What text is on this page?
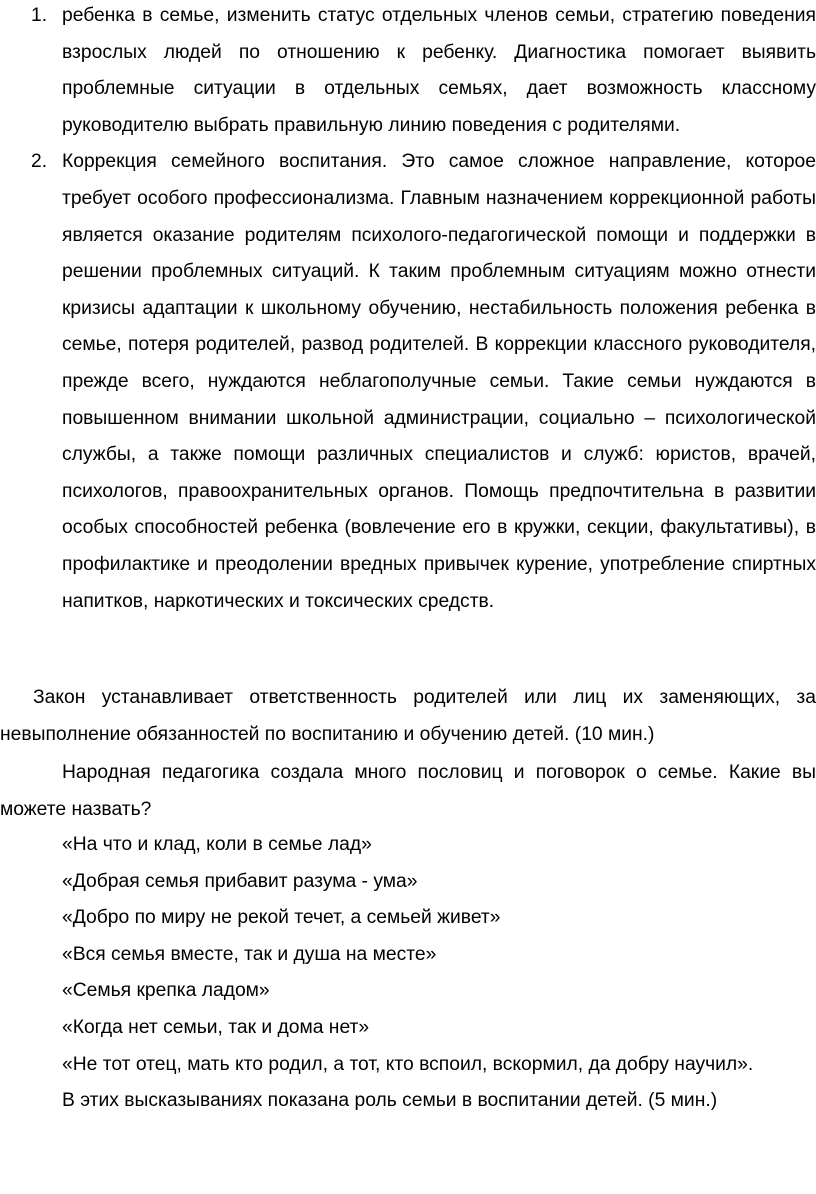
1. ребенка в семье, изменить статус отдельных членов семьи, стратегию поведения взрослых людей по отношению к ребенку. Диагностика помогает выявить проблемные ситуации в отдельных семьях, дает возможность классному руководителю выбрать правильную линию поведения с родителями.
2. Коррекция семейного воспитания. Это самое сложное направление, которое требует особого профессионализма. Главным назначением коррекционной работы является оказание родителям психолого-педагогической помощи и поддержки в решении проблемных ситуаций. К таким проблемным ситуациям можно отнести кризисы адаптации к школьному обучению, нестабильность положения ребенка в семье, потеря родителей, развод родителей. В коррекции классного руководителя, прежде всего, нуждаются неблагополучные семьи. Такие семьи нуждаются в повышенном внимании школьной администрации, социально – психологической службы, а также помощи различных специалистов и служб: юристов, врачей, психологов, правоохранительных органов. Помощь предпочтительна в развитии особых способностей ребенка (вовлечение его в кружки, секции, факультативы), в профилактике и преодолении вредных привычек курение, употребление спиртных напитков, наркотических и токсических средств.

Закон устанавливает ответственность родителей или лиц их заменяющих, за невыполнение обязанностей по воспитанию и обучению детей. (10 мин.)

Народная педагогика создала много пословиц и поговорок о семье. Какие вы можете назвать?

«На что и клад, коли в семье лад»
«Добрая семья прибавит разума - ума»
«Добро по миру не рекой течет, а семьей живет»
«Вся семья вместе, так и душа на месте»
«Семья крепка ладом»
«Когда нет семьи, так и дома нет»
«Не тот отец, мать кто родил, а тот, кто вспоил, вскормил, да добру научил».
В этих высказываниях показана роль семьи в воспитании детей. (5 мин.)
